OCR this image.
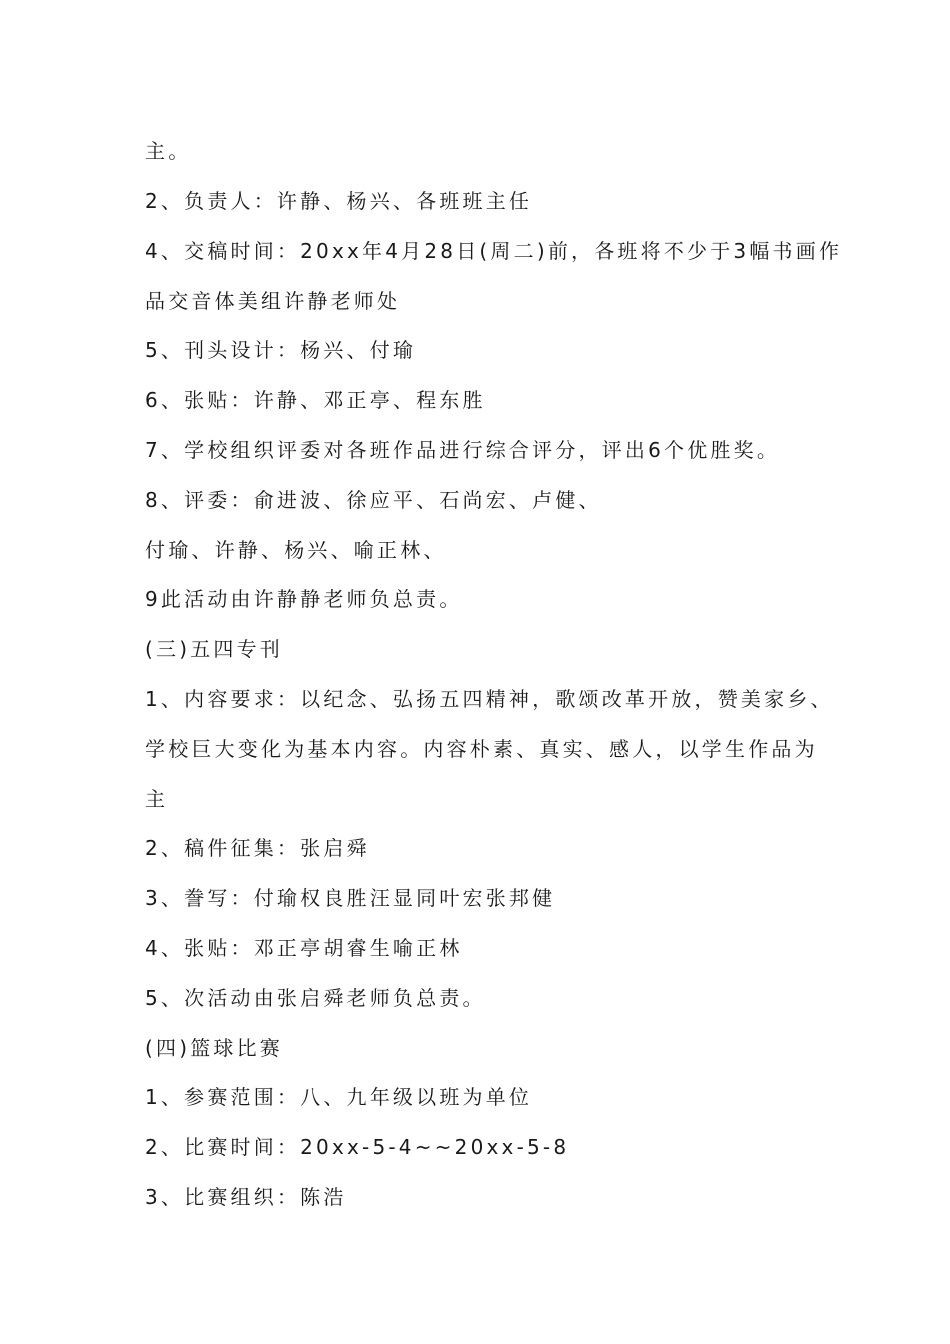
主。
2、负责人：许静、杨兴、各班班主任
4、交稿时间：20xx年4月28日(周二)前，各班将不少于3幅书画作
品交音体美组许静老师处
5、刊头设计：杨兴、付瑜
6、张贴：许静、邓正亭、程东胜
7、学校组织评委对各班作品进行综合评分，评出6个优胜奖。
8、评委：俞进波、徐应平、石尚宏、卢健、
付瑜、许静、杨兴、喻正林、
9此活动由许静静老师负总责。
(三)五四专刊
1、内容要求：以纪念、弘扬五四精神，歌颂改革开放，赞美家乡、
学校巨大变化为基本内容。内容朴素、真实、感人，以学生作品为
主
2、稿件征集：张启舜
3、誊写：付瑜权良胜汪显同叶宏张邦健
4、张贴：邓正亭胡睿生喻正林
5、次活动由张启舜老师负总责。
(四)篮球比赛
1、参赛范围：八、九年级以班为单位
2、比赛时间：20xx-5-4~~20xx-5-8
3、比赛组织：陈浩
